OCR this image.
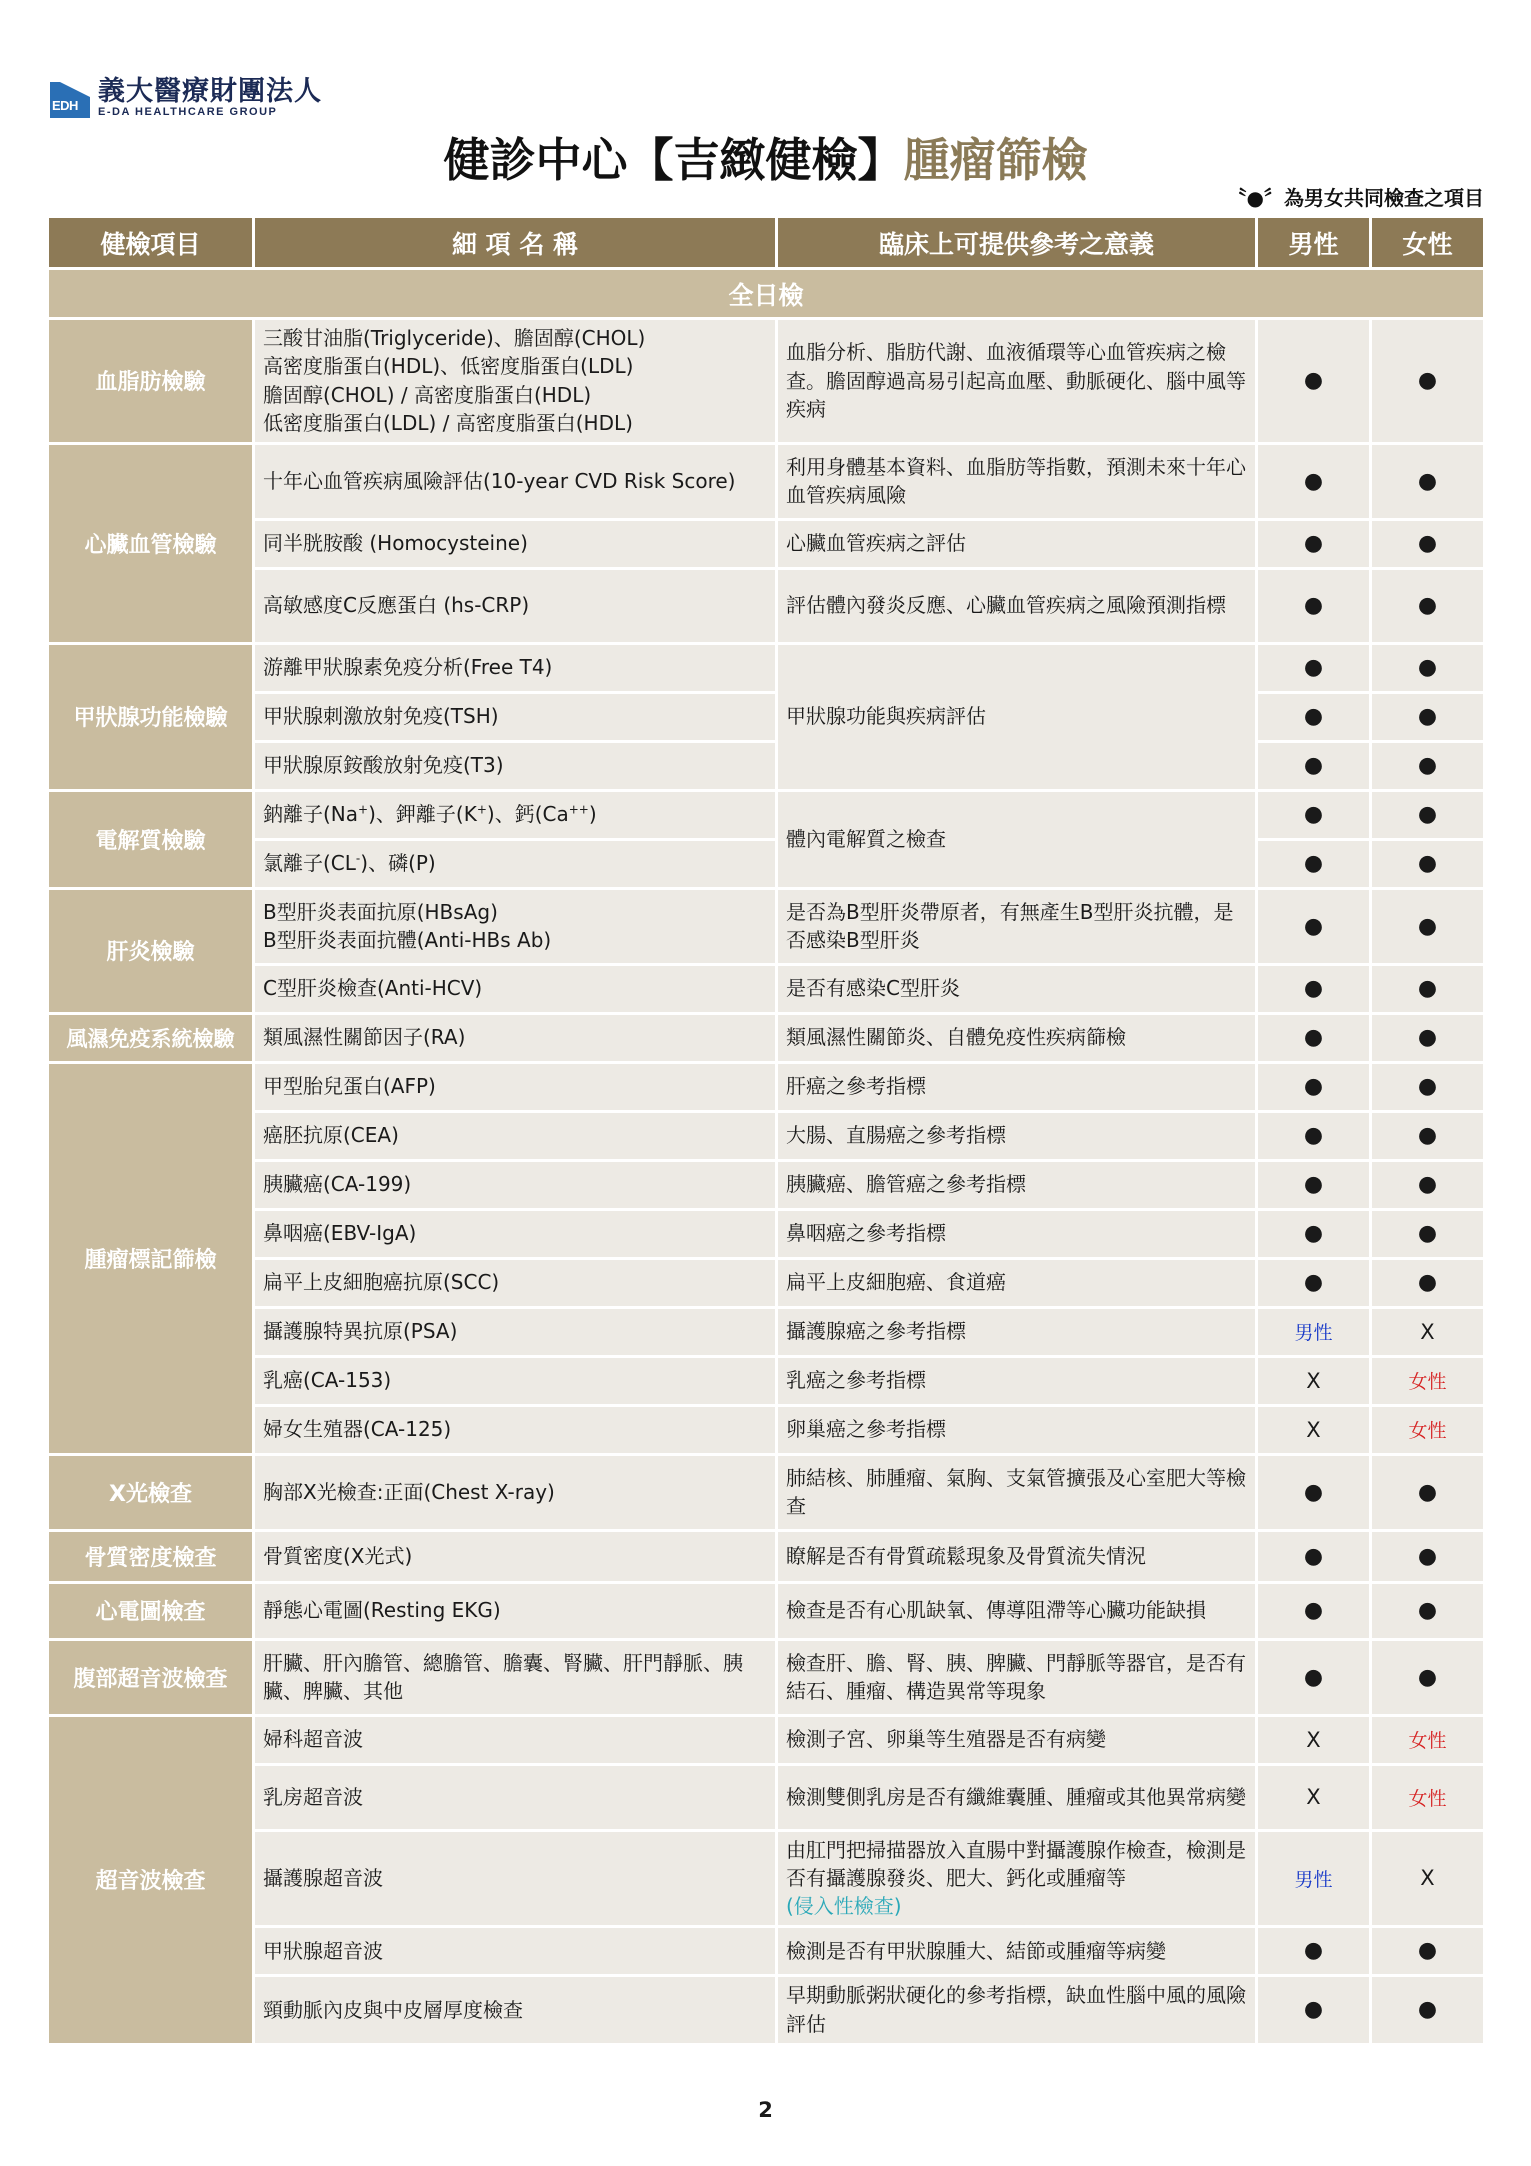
EDH 義大醫療財團法人
E-DA HEALTHCARE GROUP
健診中心【吉緻健檢】腫瘤篩檢
〝●〞為男女共同檢查之項目
健檢項目	細 項 名 稱	臨床上可提供參考之意義	男性	女性
全日檢				
血脂肪檢驗	三酸甘油脂(Triglyceride)、膽固醇(CHOL)
高密度脂蛋白(HDL)、低密度脂蛋白(LDL)
膽固醇(CHOL) / 高密度脂蛋白(HDL)
低密度脂蛋白(LDL) / 高密度脂蛋白(HDL)	血脂分析、脂肪代謝、血液循環等心血管疾病之檢查。膽固醇過高易引起高血壓、動脈硬化、腦中風等疾病	●	●
心臟血管檢驗	十年心血管疾病風險評估(10-year CVD Risk Score)	利用身體基本資料、血脂肪等指數，預測未來十年心血管疾病風險	●	●
	同半胱胺酸 (Homocysteine)	心臟血管疾病之評估	●	●
	高敏感度C反應蛋白 (hs-CRP)	評估體內發炎反應、心臟血管疾病之風險預測指標	●	●
甲狀腺功能檢驗	游離甲狀腺素免疫分析(Free T4)	甲狀腺功能與疾病評估	●	●
	甲狀腺刺激放射免疫(TSH)		●	●
	甲狀腺原銨酸放射免疫(T3)		●	●
電解質檢驗	鈉離子(Na+)、鉀離子(K+)、鈣(Ca++)	體內電解質之檢查	●	●
	氯離子(CL-)、磷(P)		●	●
肝炎檢驗	B型肝炎表面抗原(HBsAg)
B型肝炎表面抗體(Anti-HBs Ab)	是否為B型肝炎帶原者，有無產生B型肝炎抗體，是否感染B型肝炎	●	●
	C型肝炎檢查(Anti-HCV)	是否有感染C型肝炎	●	●
風濕免疫系統檢驗	類風濕性關節因子(RA)	類風濕性關節炎、自體免疫性疾病篩檢	●	●
腫瘤標記篩檢	甲型胎兒蛋白(AFP)	肝癌之參考指標	●	●
	癌胚抗原(CEA)	大腸、直腸癌之參考指標	●	●
	胰臟癌(CA-199)	胰臟癌、膽管癌之參考指標	●	●
	鼻咽癌(EBV-IgA)	鼻咽癌之參考指標	●	●
	扁平上皮細胞癌抗原(SCC)	扁平上皮細胞癌、食道癌	●	●
	攝護腺特異抗原(PSA)	攝護腺癌之參考指標	男性	X
	乳癌(CA-153)	乳癌之參考指標	X	女性
	婦女生殖器(CA-125)	卵巢癌之參考指標	X	女性
X光檢查	胸部X光檢查:正面(Chest X-ray)	肺結核、肺腫瘤、氣胸、支氣管擴張及心室肥大等檢查	●	●
骨質密度檢查	骨質密度(X光式)	瞭解是否有骨質疏鬆現象及骨質流失情況	●	●
心電圖檢查	靜態心電圖(Resting EKG)	檢查是否有心肌缺氧、傳導阻滯等心臟功能缺損	●	●
腹部超音波檢查	肝臟、肝內膽管、總膽管、膽囊、腎臟、肝門靜脈、胰臟、脾臟、其他	檢查肝、膽、腎、胰、脾臟、門靜脈等器官，是否有結石、腫瘤、構造異常等現象	●	●
超音波檢查	婦科超音波	檢測子宮、卵巢等生殖器是否有病變	X	女性
	乳房超音波	檢測雙側乳房是否有纖維囊腫、腫瘤或其他異常病變	X	女性
	攝護腺超音波	由肛門把掃描器放入直腸中對攝護腺作檢查，檢測是否有攝護腺發炎、肥大、鈣化或腫瘤等
(侵入性檢查)	男性	X
	甲狀腺超音波	檢測是否有甲狀腺腫大、結節或腫瘤等病變	●	●
	頸動脈內皮與中皮層厚度檢查	早期動脈粥狀硬化的參考指標，缺血性腦中風的風險評估	●	●
2
